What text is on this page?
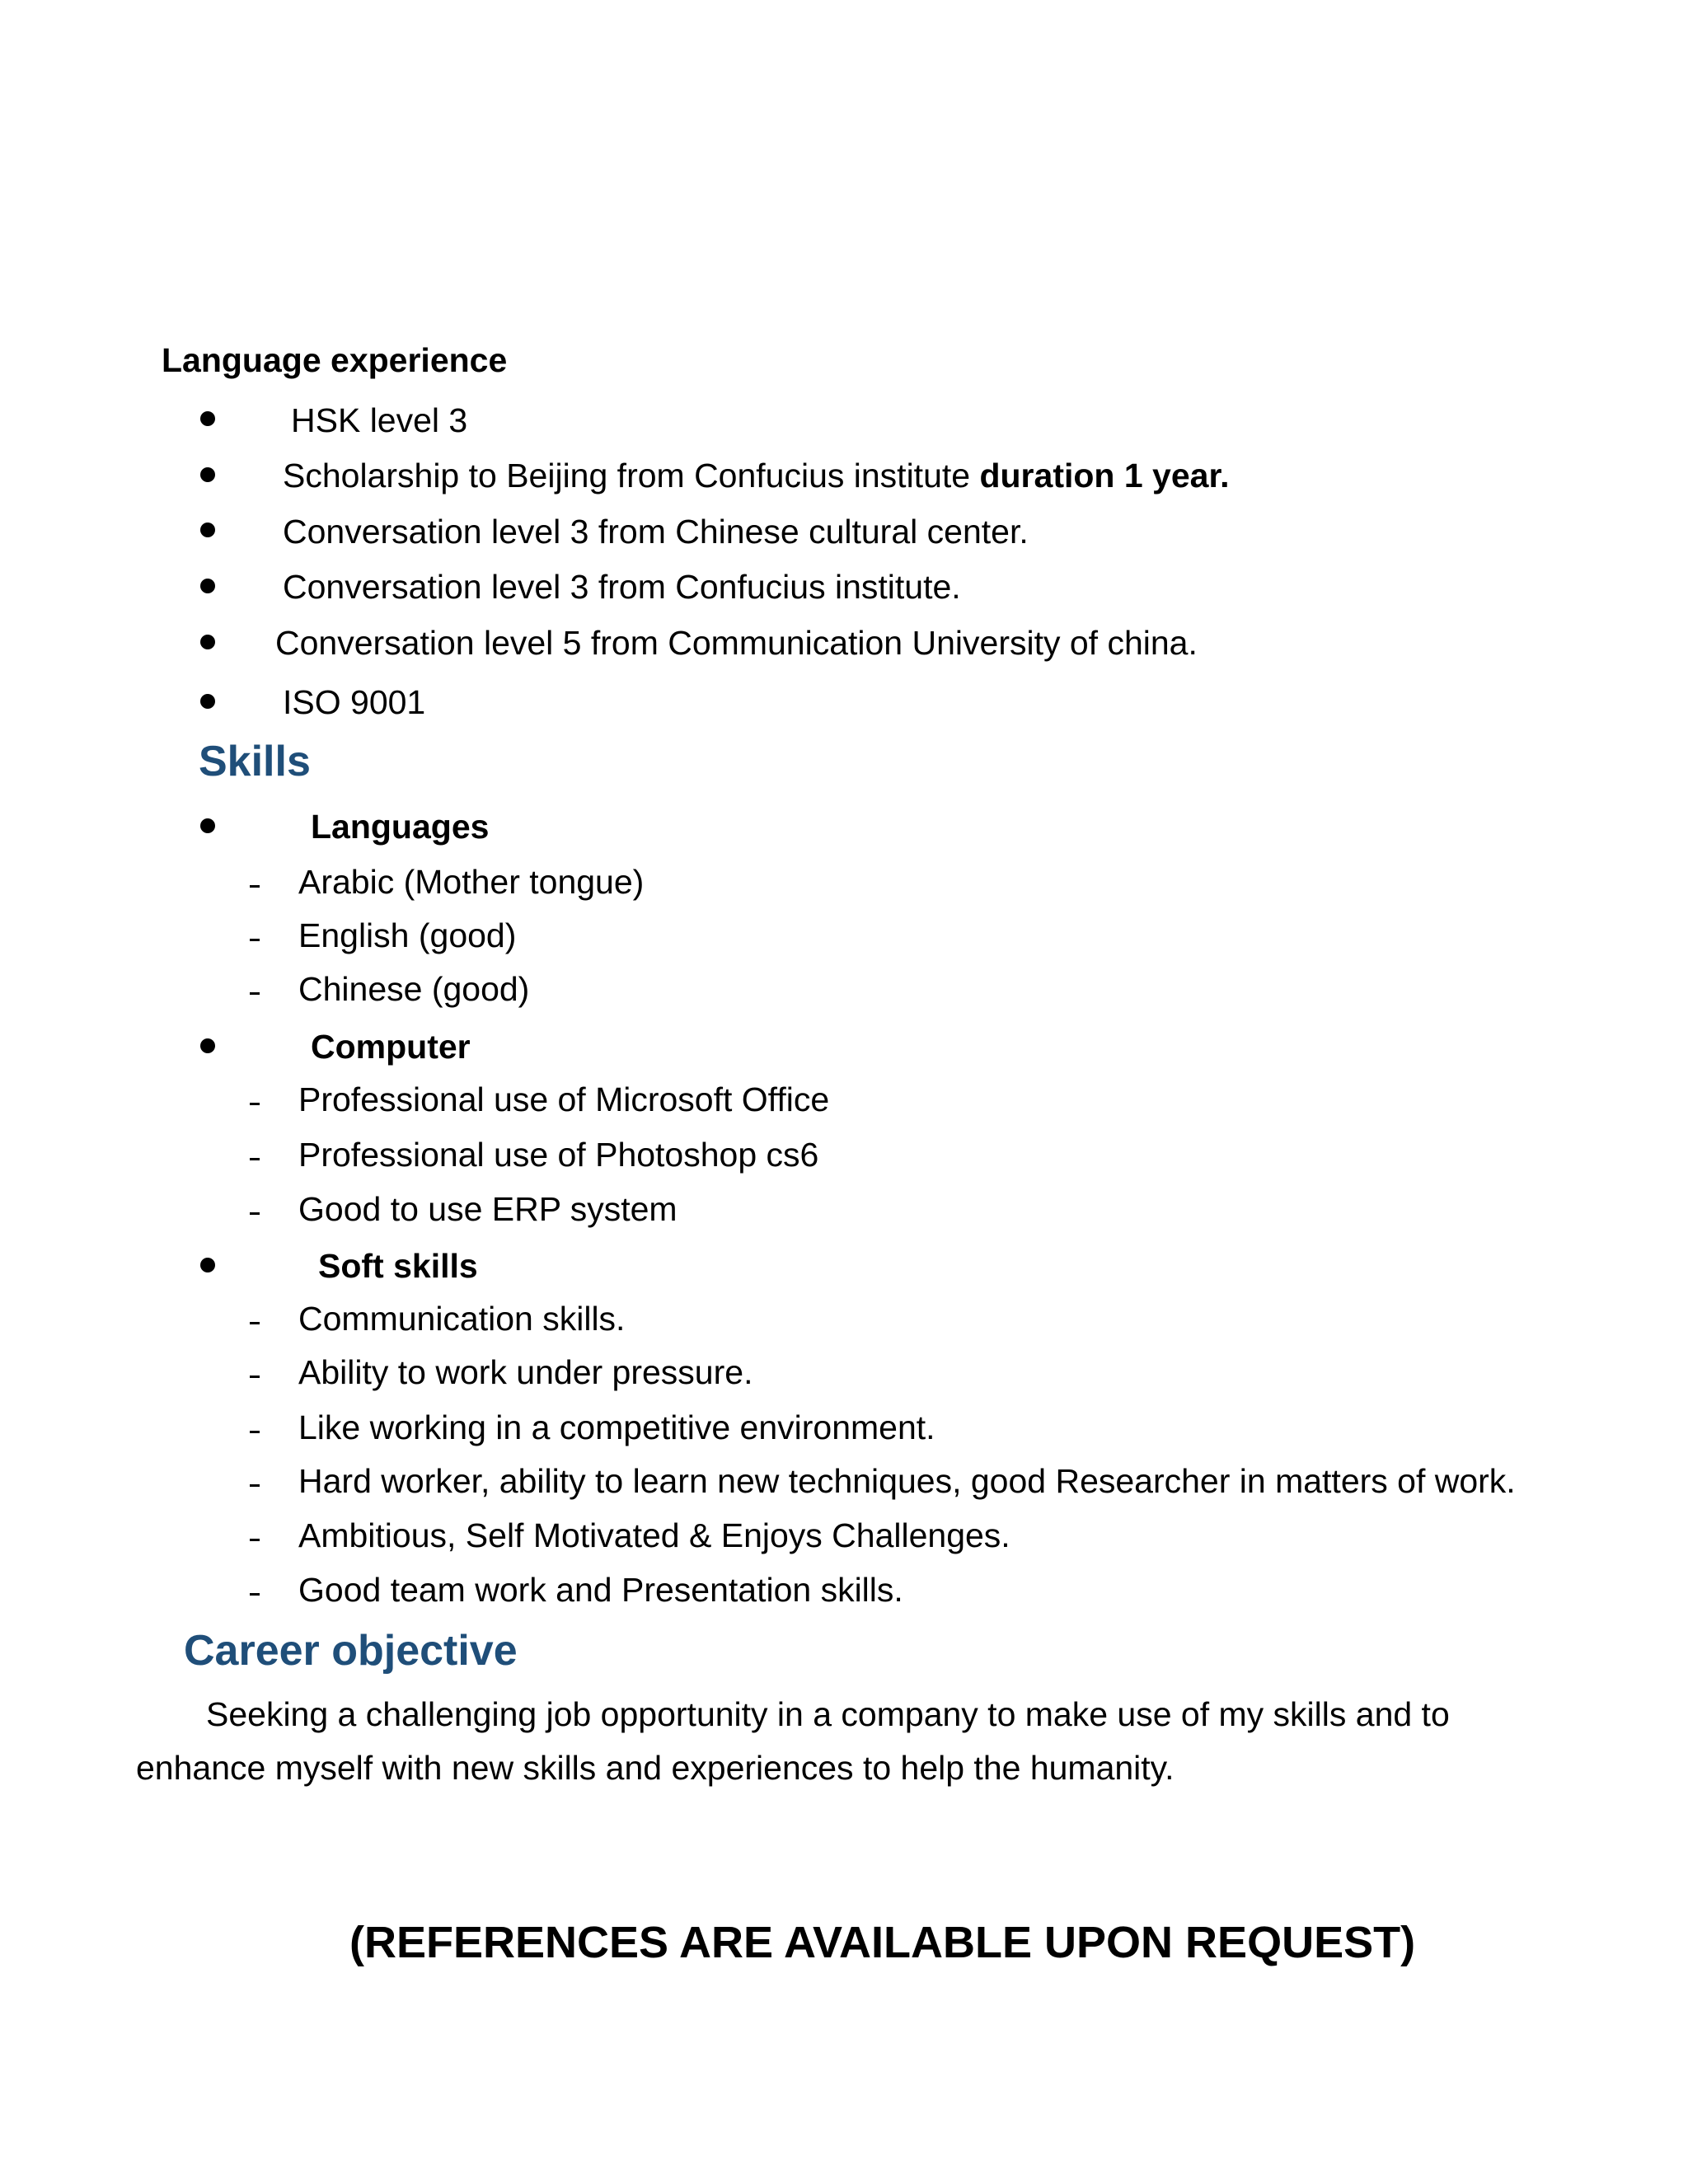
Language experience
HSK level 3
Scholarship to Beijing from Confucius institute duration 1 year.
Conversation level 3 from Chinese cultural center.
Conversation level 3 from Confucius institute.
Conversation level 5 from Communication University of china.
ISO 9001
Skills
Languages
Arabic (Mother tongue)
English (good)
Chinese (good)
Computer
Professional use of Microsoft Office
Professional use of Photoshop cs6
Good to use ERP system
Soft skills
Communication skills.
Ability to work under pressure.
Like working in a competitive environment.
Hard worker, ability to learn new techniques, good Researcher in matters of work.
Ambitious, Self Motivated & Enjoys Challenges.
Good team work and Presentation skills.
Career objective
Seeking a challenging job opportunity in a company to make use of my skills and to
enhance myself with new skills and experiences to help the humanity.
(REFERENCES ARE AVAILABLE UPON REQUEST)
